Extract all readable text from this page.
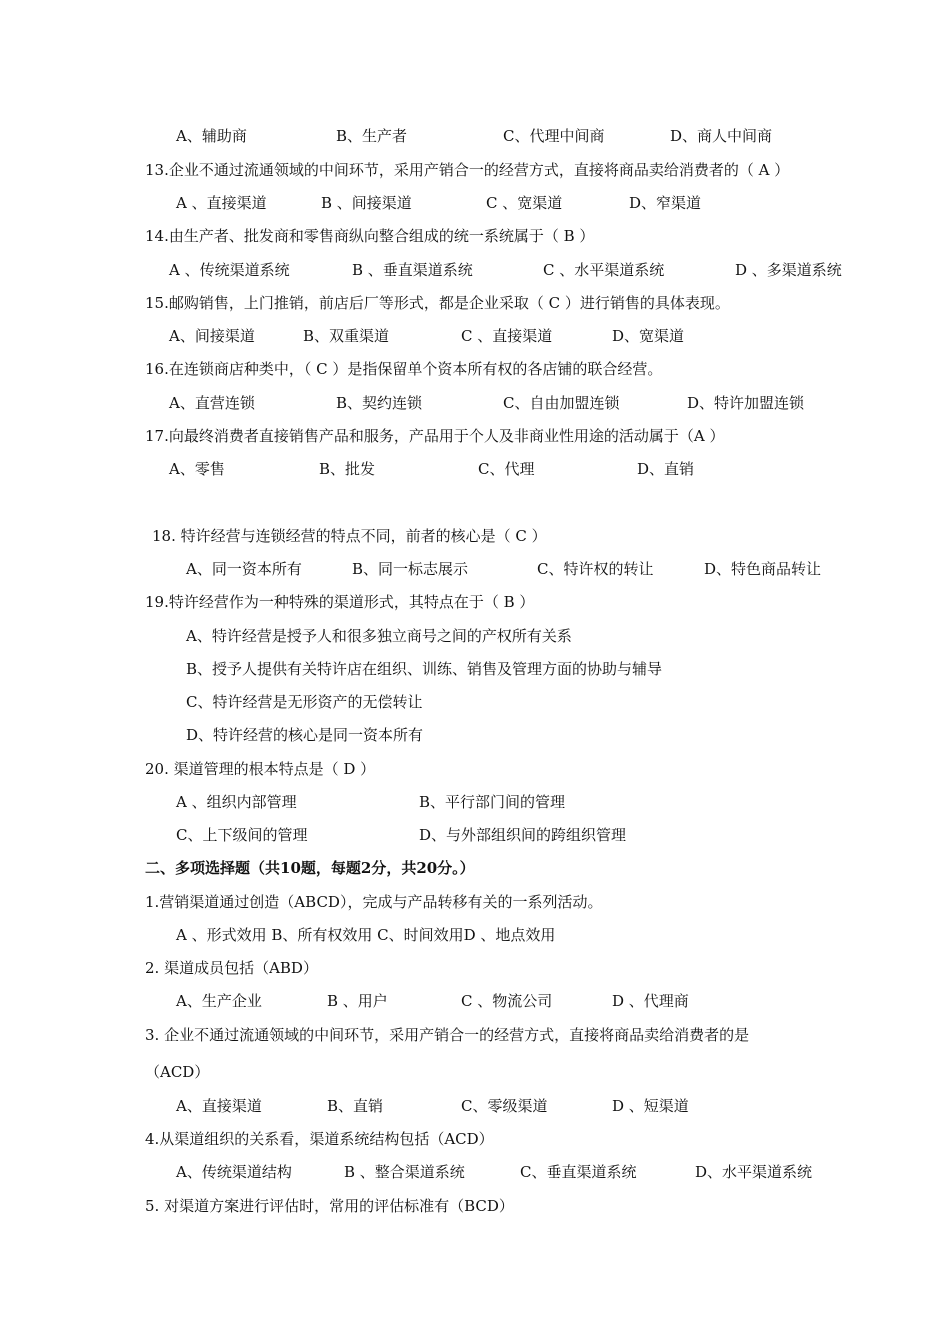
A、辅助商	B、生产者	C、代理中间商	D、商人中间商
13.企业不通过流通领域的中间环节，采用产销合一的经营方式，直接将商品卖给消费者的（ A ）
A 、直接渠道	B 、间接渠道	C 、宽渠道	D、窄渠道
14.由生产者、批发商和零售商纵向整合组成的统一系统属于（ B ）
A 、传统渠道系统	B 、垂直渠道系统	C 、水平渠道系统	D 、多渠道系统
15.邮购销售，上门推销，前店后厂等形式，都是企业采取（ C ）进行销售的具体表现。
A、间接渠道	B、双重渠道	C 、直接渠道	D、宽渠道
16.在连锁商店种类中，（ C ）是指保留单个资本所有权的各店铺的联合经营。
A、直营连锁	B、契约连锁	C、自由加盟连锁	D、特许加盟连锁
17.向最终消费者直接销售产品和服务，产品用于个人及非商业性用途的活动属于（A ）
A、零售	B、批发	C、代理	D、直销
18. 特许经营与连锁经营的特点不同，前者的核心是（ C ）
A、同一资本所有	B、同一标志展示	C、特许权的转让	D、特色商品转让
19.特许经营作为一种特殊的渠道形式，其特点在于（ B ）
A、特许经营是授予人和很多独立商号之间的产权所有关系
B、授予人提供有关特许店在组织、训练、销售及管理方面的协助与辅导
C、特许经营是无形资产的无偿转让
D、特许经营的核心是同一资本所有
20. 渠道管理的根本特点是（ D ）
A 、组织内部管理	B、平行部门间的管理
C、上下级间的管理	D、与外部组织间的跨组织管理
二、多项选择题（共10题，每题2分，共20分。）
1.营销渠道通过创造（ABCD），完成与产品转移有关的一系列活动。
A 、形式效用 B、所有权效用 C、时间效用D 、地点效用
2. 渠道成员包括（ABD）
A、生产企业	B 、用户	C 、物流公司	D 、代理商
3. 企业不通过流通领域的中间环节，采用产销合一的经营方式，直接将商品卖给消费者的是
（ACD）
A、直接渠道	B、直销	C、零级渠道	D 、短渠道
4.从渠道组织的关系看，渠道系统结构包括（ACD）
A、传统渠道结构	B 、整合渠道系统	C、垂直渠道系统	D、水平渠道系统
5. 对渠道方案进行评估时，常用的评估标准有（BCD）
